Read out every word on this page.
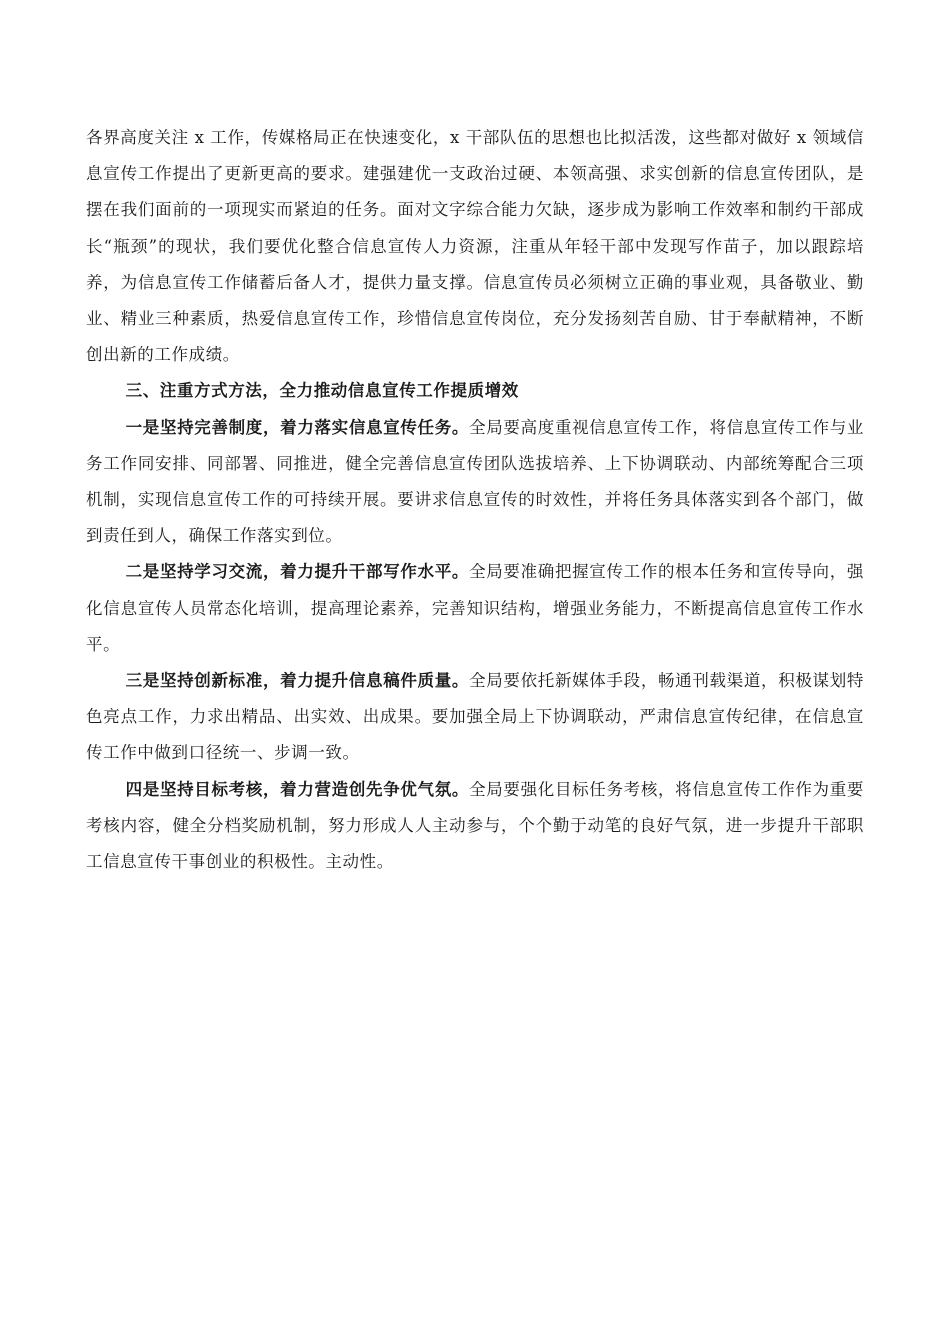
各界高度关注 x 工作，传媒格局正在快速变化，x 干部队伍的思想也比拟活泼，这些都对做好 x 领域信息宣传工作提出了更新更高的要求。建强建优一支政治过硬、本领高强、求实创新的信息宣传团队，是摆在我们面前的一项现实而紧迫的任务。面对文字综合能力欠缺，逐步成为影响工作效率和制约干部成长“瓶颈”的现状，我们要优化整合信息宣传人力资源，注重从年轻干部中发现写作苗子，加以跟踪培养，为信息宣传工作储蓄后备人才，提供力量支撑。信息宣传员必须树立正确的事业观，具备敬业、勤业、精业三种素质，热爱信息宣传工作，珍惜信息宣传岗位，充分发扬刻苦自励、甘于奉献精神，不断创出新的工作成绩。

三、注重方式方法，全力推动信息宣传工作提质增效

一是坚持完善制度，着力落实信息宣传任务。全局要高度重视信息宣传工作，将信息宣传工作与业务工作同安排、同部署、同推进，健全完善信息宣传团队选拔培养、上下协调联动、内部统筹配合三项机制，实现信息宣传工作的可持续开展。要讲求信息宣传的时效性，并将任务具体落实到各个部门，做到责任到人，确保工作落实到位。

二是坚持学习交流，着力提升干部写作水平。全局要准确把握宣传工作的根本任务和宣传导向，强化信息宣传人员常态化培训，提高理论素养，完善知识结构，增强业务能力，不断提高信息宣传工作水平。

三是坚持创新标准，着力提升信息稿件质量。全局要依托新媒体手段，畅通刊载渠道，积极谋划特色亮点工作，力求出精品、出实效、出成果。要加强全局上下协调联动，严肃信息宣传纪律，在信息宣传工作中做到口径统一、步调一致。

四是坚持目标考核，着力营造创先争优气氛。全局要强化目标任务考核，将信息宣传工作作为重要考核内容，健全分档奖励机制，努力形成人人主动参与，个个勤于动笔的良好气氛，进一步提升干部职工信息宣传干事创业的积极性。主动性。
